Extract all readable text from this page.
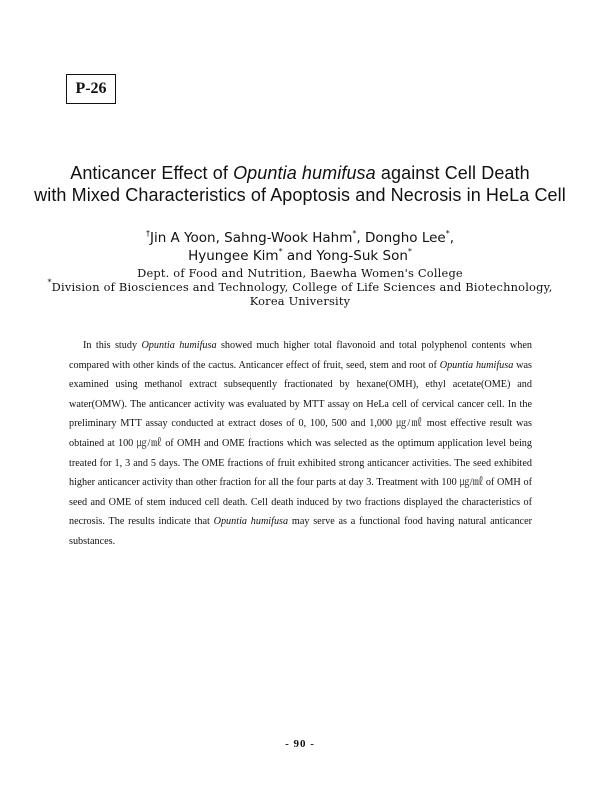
P-26
Anticancer Effect of Opuntia humifusa against Cell Death
with Mixed Characteristics of Apoptosis and Necrosis in HeLa Cell
†Jin A Yoon, Sahng-Wook Hahm*, Dongho Lee*,
Hyungee Kim* and Yong-Suk Son*
Dept. of Food and Nutrition, Baewha Women's College
*Division of Biosciences and Technology, College of Life Sciences and Biotechnology,
Korea University
In this study Opuntia humifusa showed much higher total flavonoid and total polyphenol contents when compared with other kinds of the cactus. Anticancer effect of fruit, seed, stem and root of Opuntia humifusa was examined using methanol extract subsequently fractionated by hexane(OMH), ethyl acetate(OME) and water(OMW). The anticancer activity was evaluated by MTT assay on HeLa cell of cervical cancer cell. In the preliminary MTT assay conducted at extract doses of 0, 100, 500 and 1,000 ㎍/㎖ most effective result was obtained at 100 ㎍/㎖ of OMH and OME fractions which was selected as the optimum application level being treated for 1, 3 and 5 days. The OME fractions of fruit exhibited strong anticancer activities. The seed exhibited higher anticancer activity than other fraction for all the four parts at day 3. Treatment with 100 ㎍/㎖ of OMH of seed and OME of stem induced cell death. Cell death induced by two fractions displayed the characteristics of necrosis. The results indicate that Opuntia humifusa may serve as a functional food having natural anticancer substances.
- 90 -
